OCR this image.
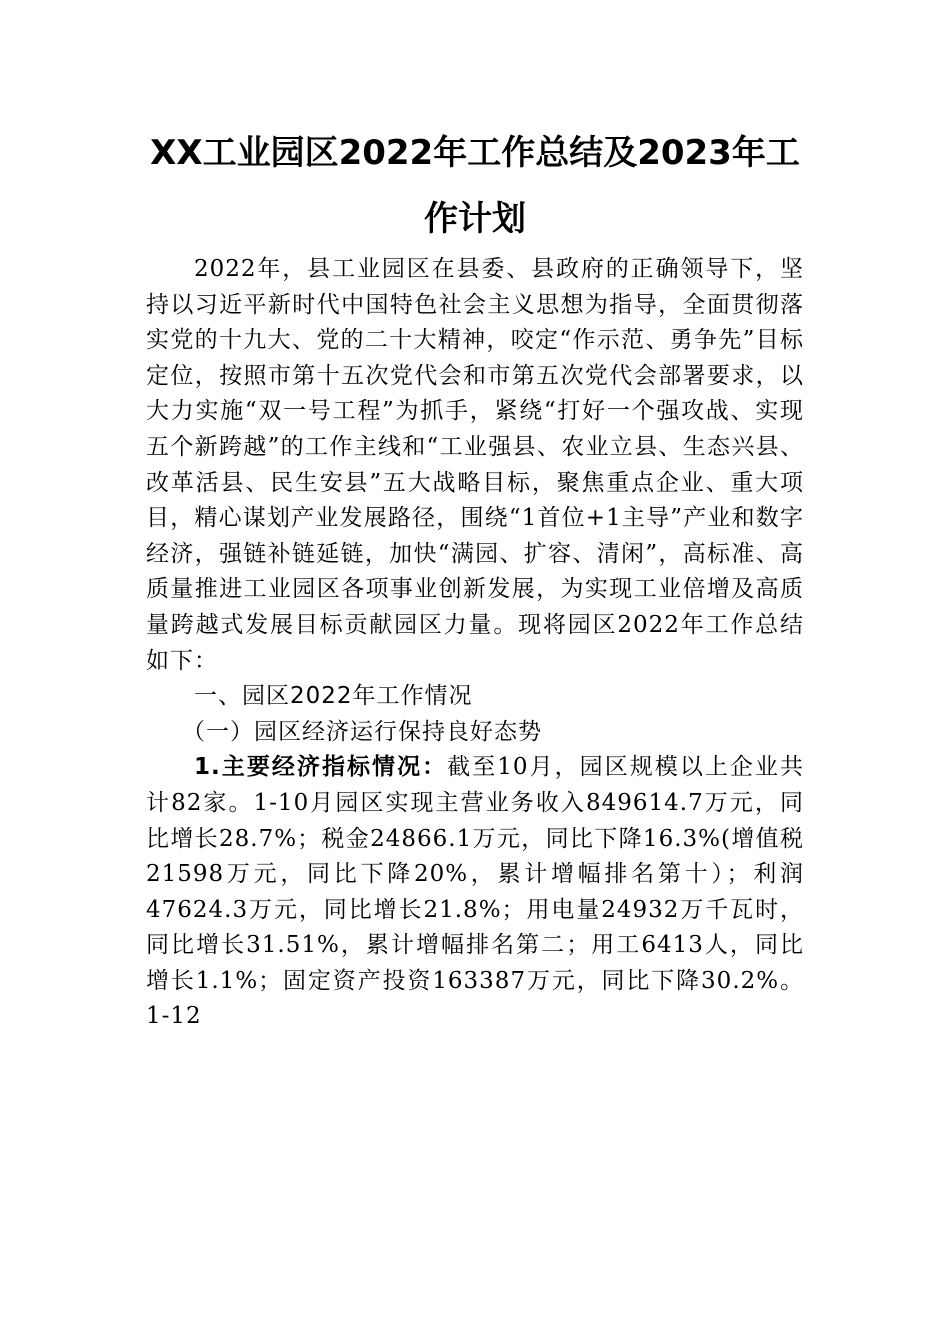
XX工业园区2022年工作总结及2023年工
作计划

2022年，县工业园区在县委、县政府的正确领导下，坚持以习近平新时代中国特色社会主义思想为指导，全面贯彻落实党的十九大、党的二十大精神，咬定“作示范、勇争先”目标定位，按照市第十五次党代会和市第五次党代会部署要求，以大力实施“双一号工程”为抓手，紧绕“打好一个强攻战、实现五个新跨越”的工作主线和“工业强县、农业立县、生态兴县、改革活县、民生安县”五大战略目标，聚焦重点企业、重大项目，精心谋划产业发展路径，围绕“1首位+1主导”产业和数字经济，强链补链延链，加快“满园、扩容、清闲”，高标准、高质量推进工业园区各项事业创新发展，为实现工业倍增及高质量跨越式发展目标贡献园区力量。现将园区2022年工作总结如下：

一、园区2022年工作情况

（一）园区经济运行保持良好态势

1.主要经济指标情况：截至10月，园区规模以上企业共计82家。1-10月园区实现主营业务收入849614.7万元，同比增长28.7%；税金24866.1万元，同比下降16.3%(增值税21598万元，同比下降20%，累计增幅排名第十）；利润47624.3万元，同比增长21.8%；用电量24932万千瓦时，同比增长31.51%，累计增幅排名第二；用工6413人，同比增长1.1%；固定资产投资163387万元，同比下降30.2%。1-12
